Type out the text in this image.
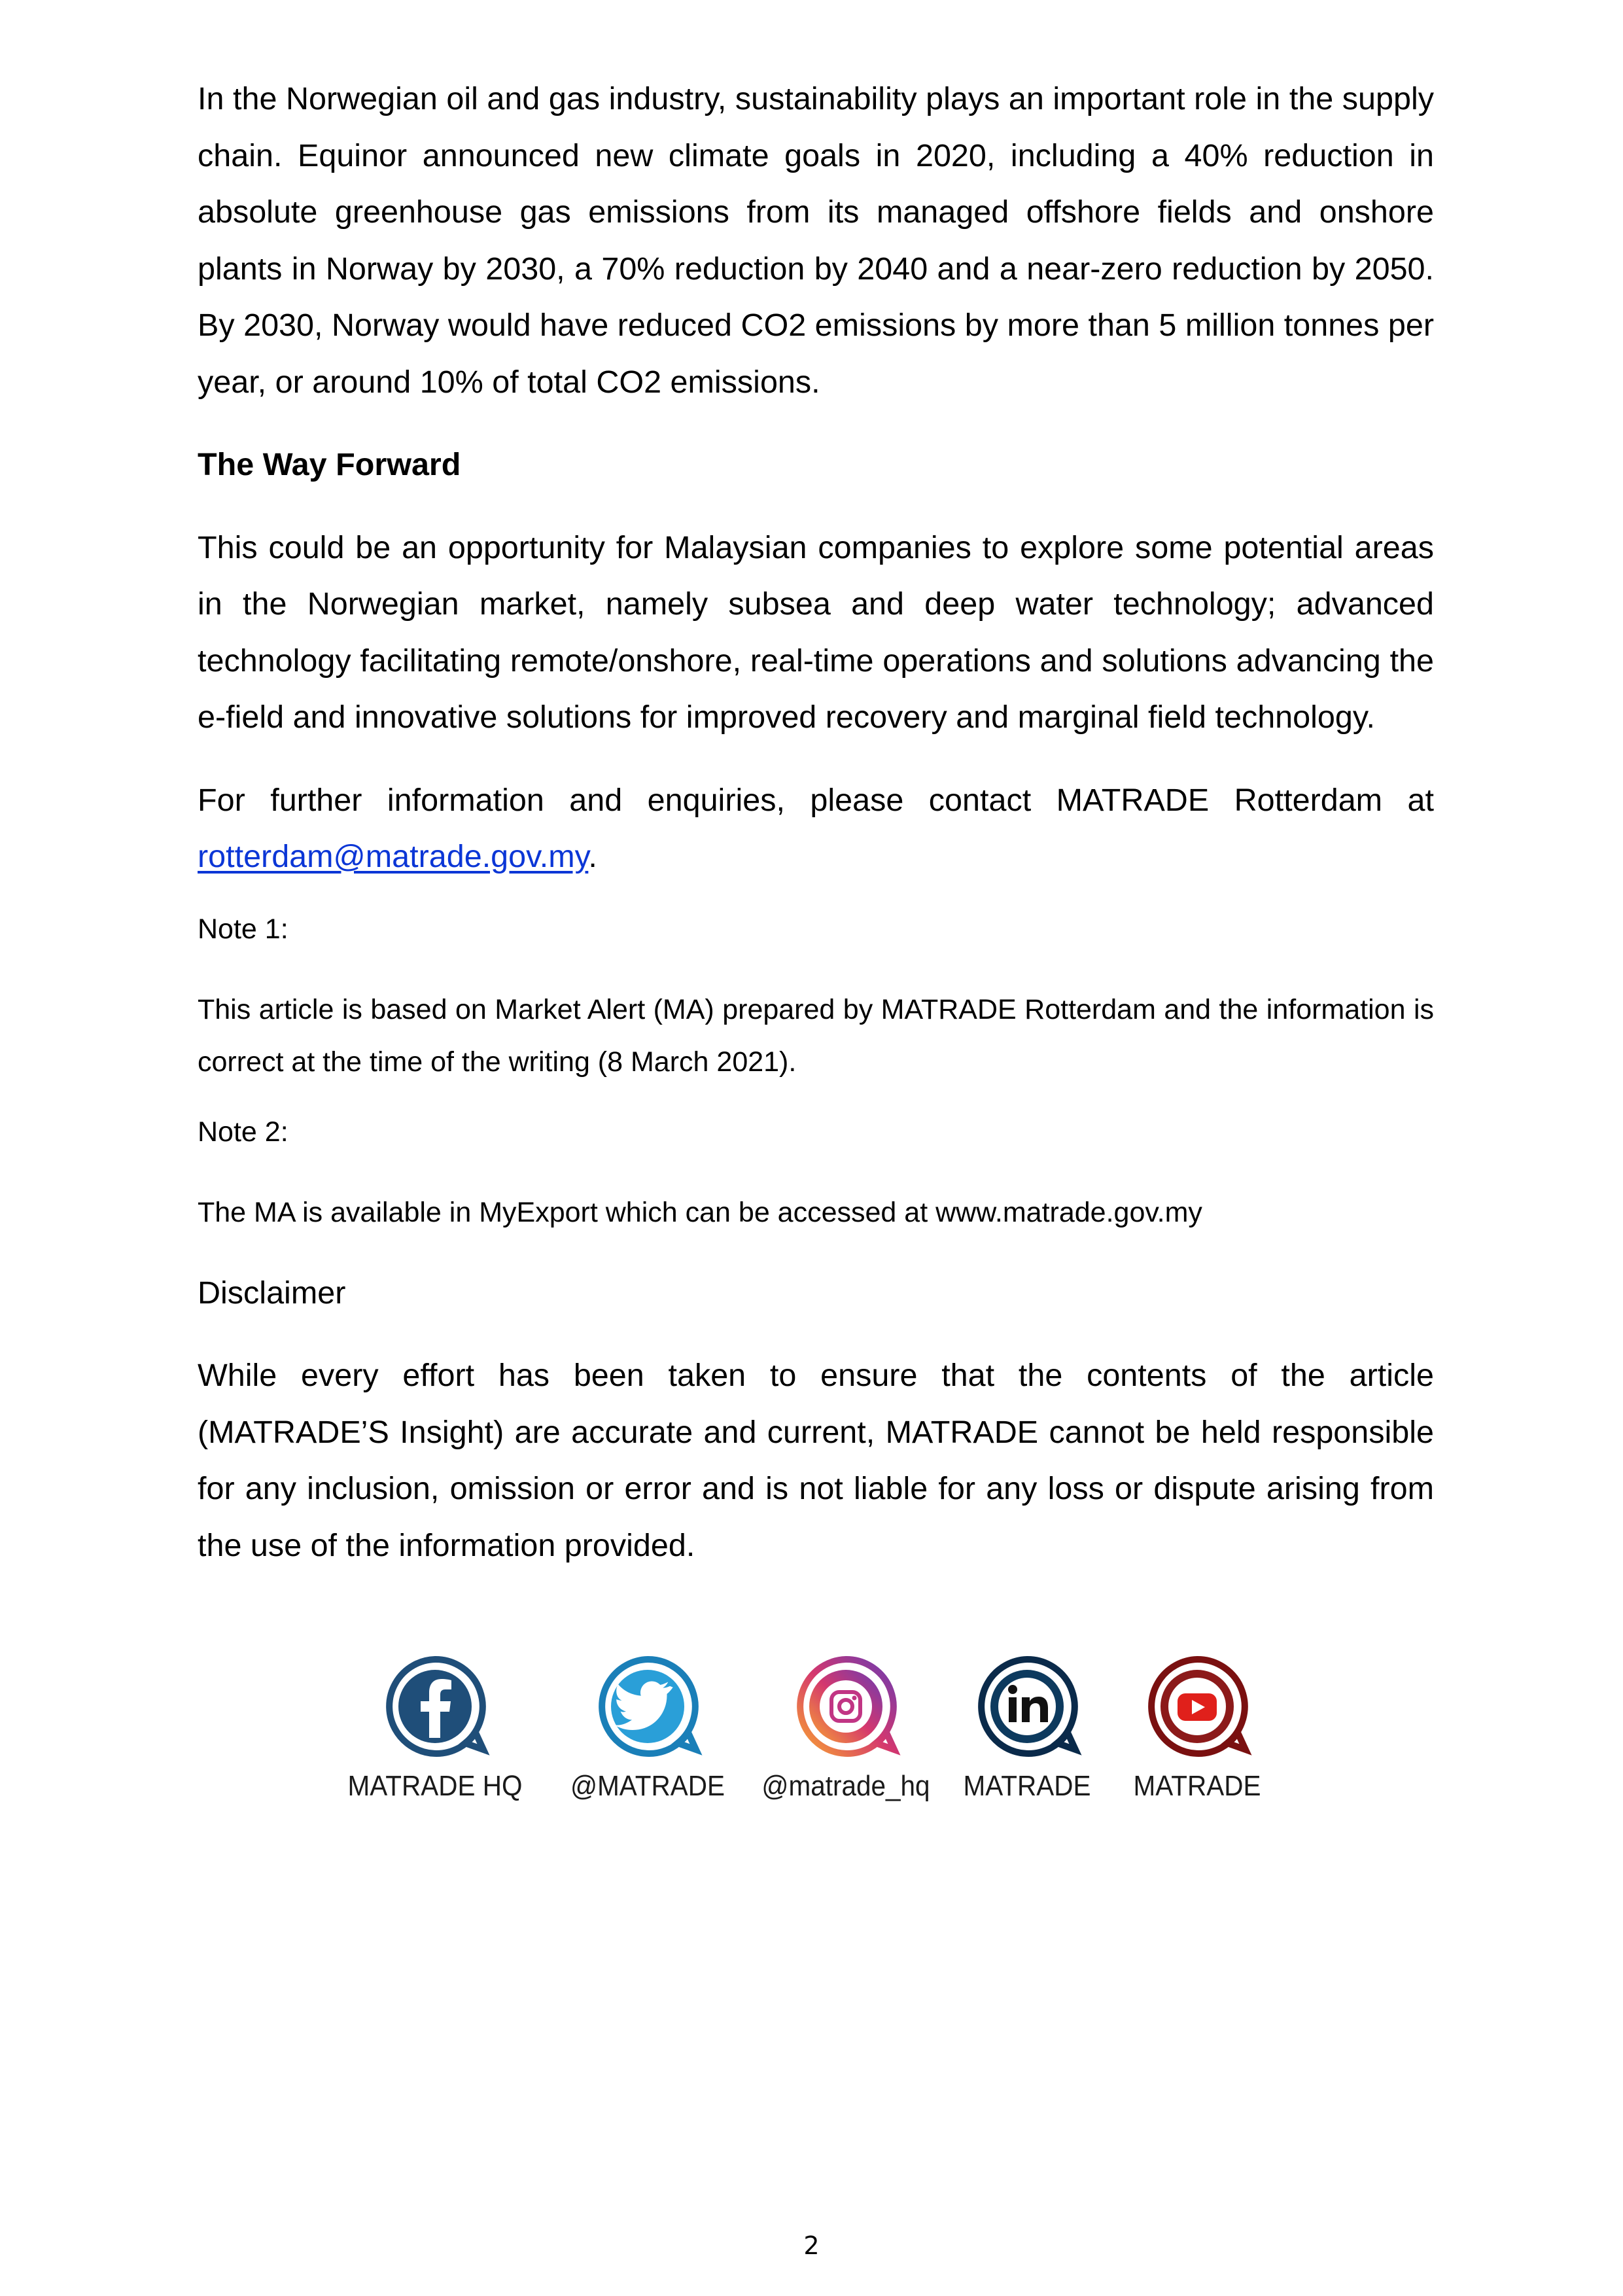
In the Norwegian oil and gas industry, sustainability plays an important role in the supply chain. Equinor announced new climate goals in 2020, including a 40% reduction in absolute greenhouse gas emissions from its managed offshore fields and onshore plants in Norway by 2030, a 70% reduction by 2040 and a near-zero reduction by 2050. By 2030, Norway would have reduced CO2 emissions by more than 5 million tonnes per year, or around 10% of total CO2 emissions.

The Way Forward

This could be an opportunity for Malaysian companies to explore some potential areas in the Norwegian market, namely subsea and deep water technology; advanced technology facilitating remote/onshore, real-time operations and solutions advancing the e-field and innovative solutions for improved recovery and marginal field technology.

For further information and enquiries, please contact MATRADE Rotterdam at rotterdam@matrade.gov.my.

Note 1:

This article is based on Market Alert (MA) prepared by MATRADE Rotterdam and the information is correct at the time of the writing (8 March 2021).

Note 2:

The MA is available in MyExport which can be accessed at www.matrade.gov.my

Disclaimer

While every effort has been taken to ensure that the contents of the article (MATRADE’S Insight) are accurate and current, MATRADE cannot be held responsible for any inclusion, omission or error and is not liable for any loss or dispute arising from the use of the information provided.

MATRADE HQ	@MATRADE	@matrade_hq	MATRADE	MATRADE
2
